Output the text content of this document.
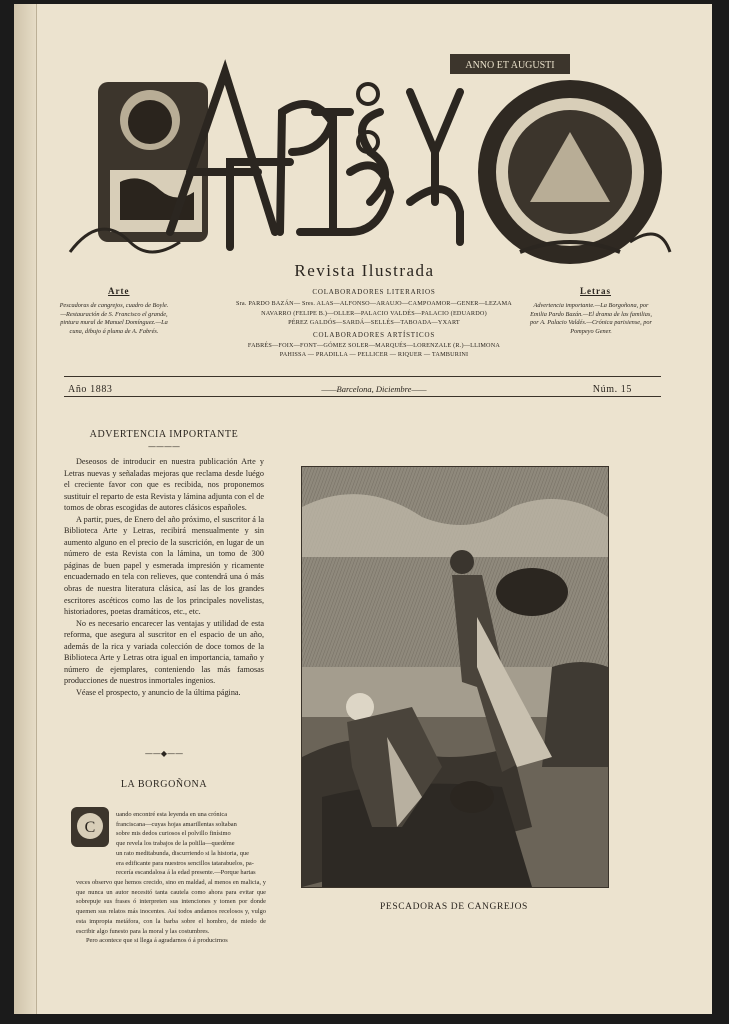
ANNO ET AUGUSTI
Revista Ilustrada
Arte
Pescadoras de cangrejos, cuadro de Boyle.—Restauración de S. Francisco el grande, pintura mural de Manuel Domínguez.—La cuna, dibujo á pluma de A. Fabrés.
Letras
Advertencia importante.—La Borgoñona, por Emilia Pardo Bazán.—El drama de las familias, por A. Palacio Valdés.—Crónica parisiense, por Pompeyo Gener.
COLABORADORES LITERARIOS
Sra. PARDO BAZÁN— Sres. ALAS—ALFONSO—ARAUJO—CAMPOAMOR—GENER—LEZAMA
NAVARRO (FELIPE B.)—OLLER—PALACIO VALDÉS—PALACIO (EDUARDO)
PÉREZ GALDÓS—SARDÁ—SELLÉS—TABOADA—YXART
COLABORADORES ARTÍSTICOS
FABRÉS—FOIX—FONT—GÓMEZ SOLER—MARQUÉS—LORENZALE (R.)—LLIMONA
PAHISSA — PRADILLA — PELLICER — RIQUER — TAMBURINI
Año 1883	——Barcelona, Diciembre——	Núm. 15
ADVERTENCIA IMPORTANTE
————

Deseosos de introducir en nuestra publicación Arte y Letras nuevas y señaladas mejoras que reclama desde luégo el creciente favor con que es recibida, nos proponemos sustituir el reparto de esta Revista y lámina adjunta con el de tomos de obras escogidas de autores clásicos españoles.

A partir, pues, de Enero del año próximo, el suscritor á la Biblioteca Arte y Letras, recibirá mensualmente y sin aumento alguno en el precio de la suscrición, en lugar de un número de esta Revista con la lámina, un tomo de 300 páginas de buen papel y esmerada impresión y ricamente encuadernado en tela con relieves, que contendrá una ó más obras de nuestra literatura clásica, así las de los grandes escritores ascéticos como las de los principales novelistas, historiadores, poetas dramáticos, etc., etc.

No es necesario encarecer las ventajas y utilidad de esta reforma, que asegura al suscritor en el espacio de un año, además de la rica y variada colección de doce tomos de la Biblioteca Arte y Letras otra igual en importancia, tamaño y número de ejemplares, conteniendo las más famosas producciones de nuestros inmortales ingenios.

Véase el prospecto, y anuncio de la última página.

——◆——
LA BORGOÑONA
C
uando encontré esta leyenda en una crónica
franciscana—cuyas hojas amarillentas soltaban
sobre mis dedos curiosos el polvillo finísimo
que revela los trabajos de la polilla—quedéme
un rato meditabunda, discurriendo si la historia, que
era edificante para nuestros sencillos tatarabuelos, pa-
recería escandalosa á la edad presente.—Porque hartas

veces observo que hemos crecido, sino en maldad, al menos en malicia, y que nunca un autor necesitó tanta cautela como ahora para evitar que sobrepuje sus frases ó interpreten sus intenciones y tomen por donde quemen sus relatos más inocentes. Así todos andamos recelosos y, vulgo esta impropia metáfora, con la barba sobre el hombro, de miedo de escribir algo funesto para la moral y las costumbres.

Pero acontece que si llega á agradarnos ó á producirnos

PESCADORAS DE CANGREJOS
